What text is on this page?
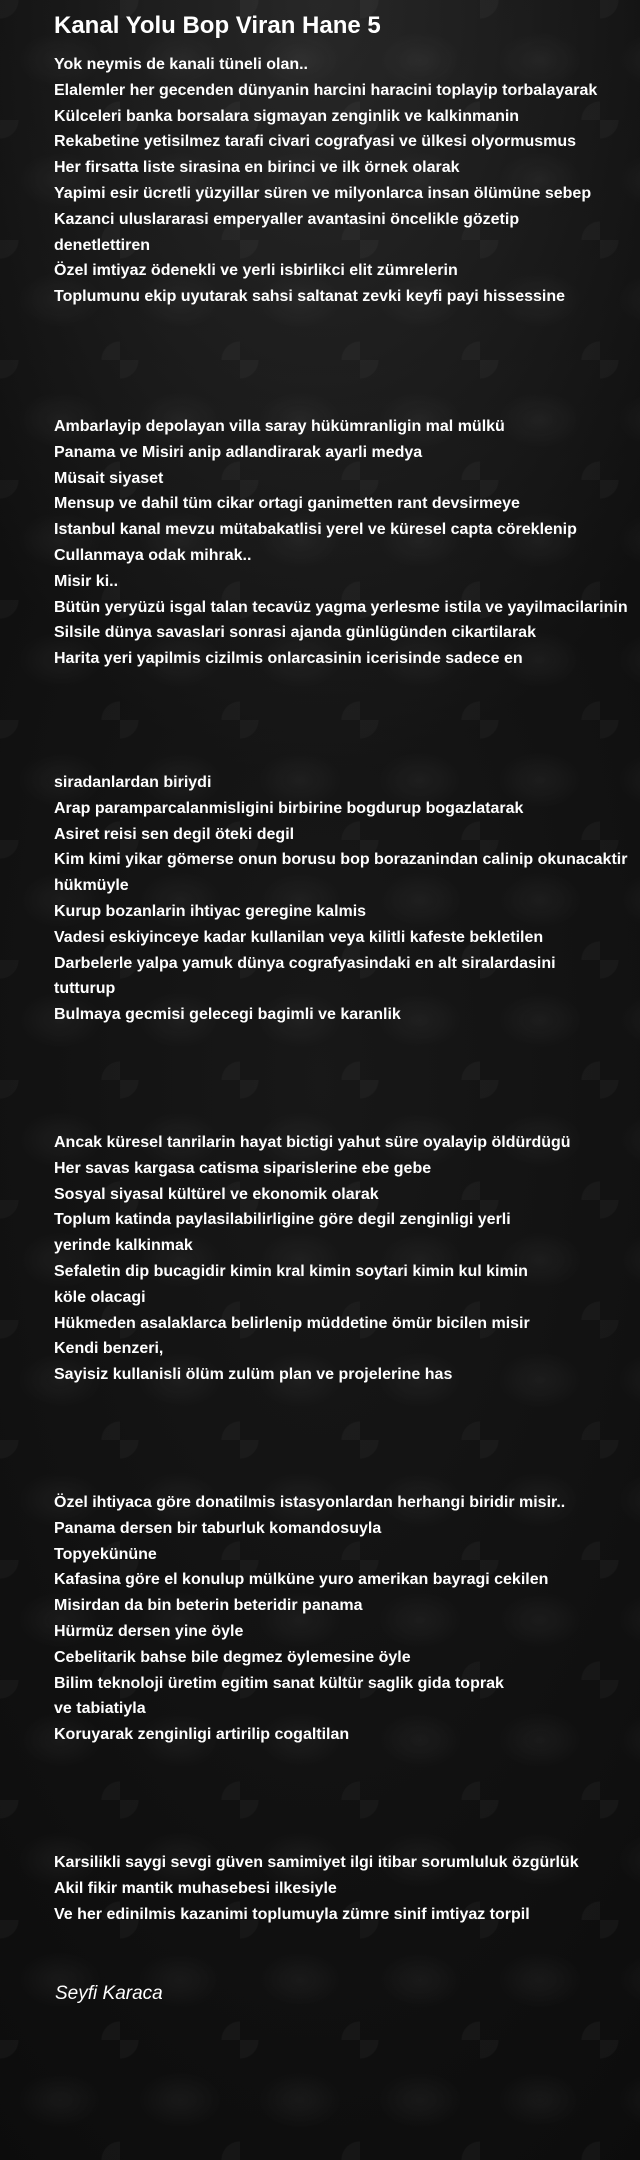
Kanal Yolu Bop Viran Hane 5
Yok neymis de kanali tüneli olan..
Elalemler her gecenden dünyanin harcini haracini toplayip torbalayarak
Külceleri banka borsalara sigmayan zenginlik ve kalkinmanin
Rekabetine yetisilmez tarafi civari cografyasi ve ülkesi olyormusmus
Her firsatta liste sirasina en birinci ve ilk örnek olarak
Yapimi esir ücretli yüzyillar süren ve milyonlarca insan ölümüne sebep
Kazanci uluslararasi emperyaller avantasini öncelikle gözetip
denetlettiren
Özel imtiyaz ödenekli ve yerli isbirlikci elit zümrelerin
Toplumunu ekip uyutarak sahsi saltanat zevki keyfi payi hissessine
Ambarlayip depolayan villa saray hükümranligin mal mülkü
Panama ve Misiri anip adlandirarak ayarli medya
Müsait siyaset
Mensup ve dahil tüm cikar ortagi ganimetten rant devsirmeye
Istanbul kanal mevzu mütabakatlisi yerel ve küresel capta cöreklenip
Cullanmaya odak mihrak..
Misir ki..
Bütün yeryüzü isgal talan tecavüz yagma yerlesme istila ve yayilmacilarinin
Silsile dünya savaslari sonrasi ajanda günlügünden cikartilarak
Harita yeri yapilmis cizilmis onlarcasinin icerisinde sadece en
siradanlardan biriydi
Arap paramparcalanmisligini birbirine bogdurup bogazlatarak
Asiret reisi sen degil öteki degil
Kim kimi yikar gömerse onun borusu bop borazanindan calinip okunacaktir
hükmüyle
Kurup bozanlarin ihtiyac geregine kalmis
Vadesi eskiyinceye kadar kullanilan veya kilitli kafeste bekletilen
Darbelerle yalpa yamuk dünya cografyasindaki en alt siralardasini
tutturup
Bulmaya gecmisi gelecegi bagimli ve karanlik
Ancak küresel tanrilarin hayat bictigi yahut süre oyalayip öldürdügü
Her savas kargasa catisma siparislerine ebe gebe
Sosyal siyasal kültürel ve ekonomik olarak
Toplum katinda paylasilabilirligine göre degil zenginligi yerli
yerinde kalkinmak
Sefaletin dip bucagidir kimin kral kimin soytari kimin kul kimin
köle olacagi
Hükmeden asalaklarca belirlenip müddetine ömür bicilen misir
Kendi benzeri,
Sayisiz kullanisli ölüm zulüm plan ve projelerine has
Özel ihtiyaca göre donatilmis istasyonlardan herhangi biridir misir..
Panama dersen bir taburluk komandosuyla
Topyekününe
Kafasina göre el konulup mülküne yuro amerikan bayragi cekilen
Misirdan da bin beterin beteridir panama
Hürmüz dersen yine öyle
Cebelitarik bahse bile degmez öylemesine öyle
Bilim teknoloji üretim egitim sanat kültür saglik gida toprak
ve tabiatiyla
Koruyarak zenginligi artirilip cogaltilan
Karsilikli saygi sevgi güven samimiyet ilgi itibar sorumluluk özgürlük
Akil fikir mantik muhasebesi ilkesiyle
Ve her edinilmis kazanimi toplumuyla zümre sinif imtiyaz torpil
Seyfi Karaca
